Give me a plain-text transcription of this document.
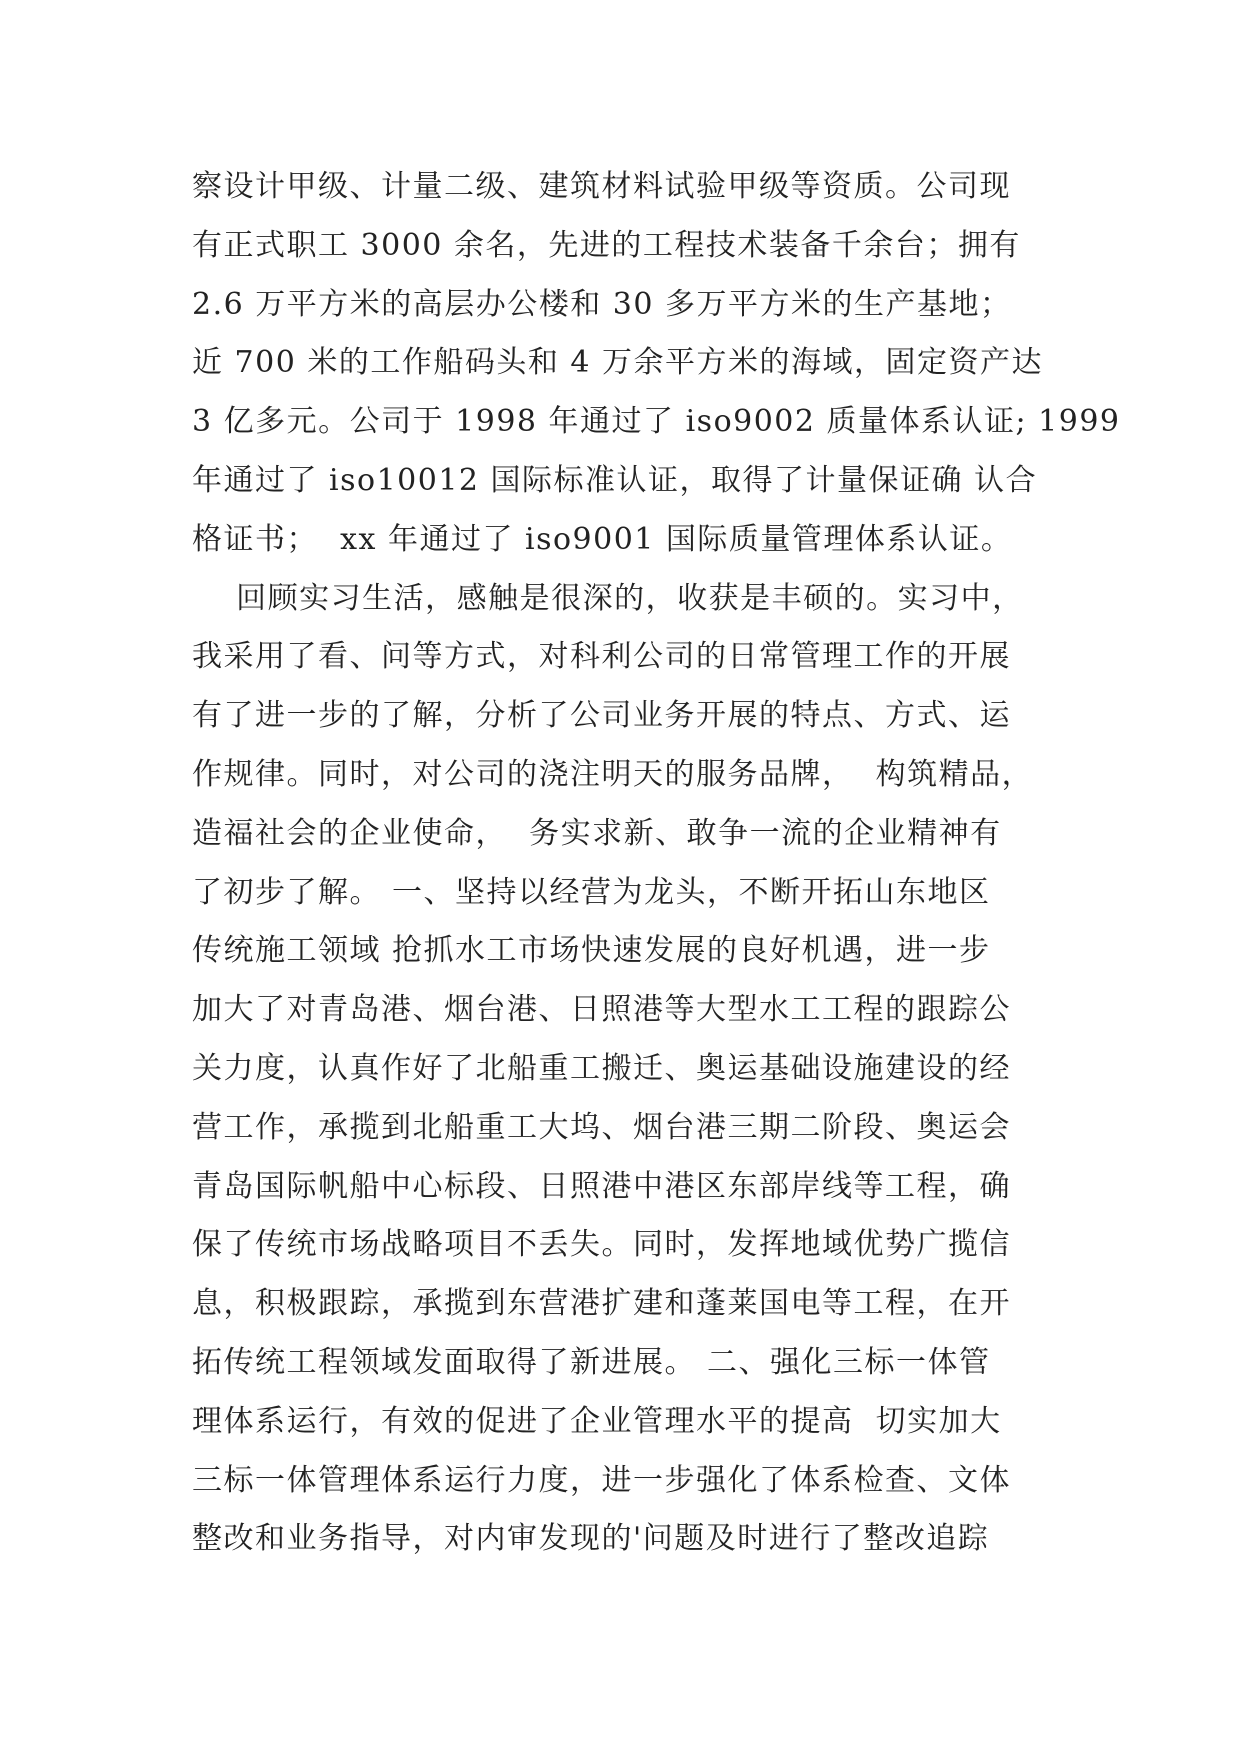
察设计甲级、计量二级、建筑材料试验甲级等资质。公司现
有正式职工 3000 余名，先进的工程技术装备千余台；拥有
2.6 万平方米的高层办公楼和 30 多万平方米的生产基地；
近 700 米的工作船码头和 4 万余平方米的海域，固定资产达
3 亿多元。公司于 1998 年通过了 iso9002 质量体系认证; 1999
年通过了 iso10012 国际标准认证，取得了计量保证确 认合
格证书；  xx 年通过了 iso9001 国际质量管理体系认证。
回顾实习生活，感触是很深的，收获是丰硕的。实习中，
我采用了看、问等方式，对科利公司的日常管理工作的开展
有了进一步的了解，分析了公司业务开展的特点、方式、运
作规律。同时，对公司的浇注明天的服务品牌，  构筑精品，
造福社会的企业使命，  务实求新、敢争一流的企业精神有
了初步了解。 一、坚持以经营为龙头，不断开拓山东地区
传统施工领域 抢抓水工市场快速发展的良好机遇，进一步
加大了对青岛港、烟台港、日照港等大型水工工程的跟踪公
关力度，认真作好了北船重工搬迁、奥运基础设施建设的经
营工作，承揽到北船重工大坞、烟台港三期二阶段、奥运会
青岛国际帆船中心标段、日照港中港区东部岸线等工程，确
保了传统市场战略项目不丢失。同时，发挥地域优势广揽信
息，积极跟踪，承揽到东营港扩建和蓬莱国电等工程，在开
拓传统工程领域发面取得了新进展。 二、强化三标一体管
理体系运行，有效的促进了企业管理水平的提高  切实加大
三标一体管理体系运行力度，进一步强化了体系检查、文体
整改和业务指导，对内审发现的'问题及时进行了整改追踪
